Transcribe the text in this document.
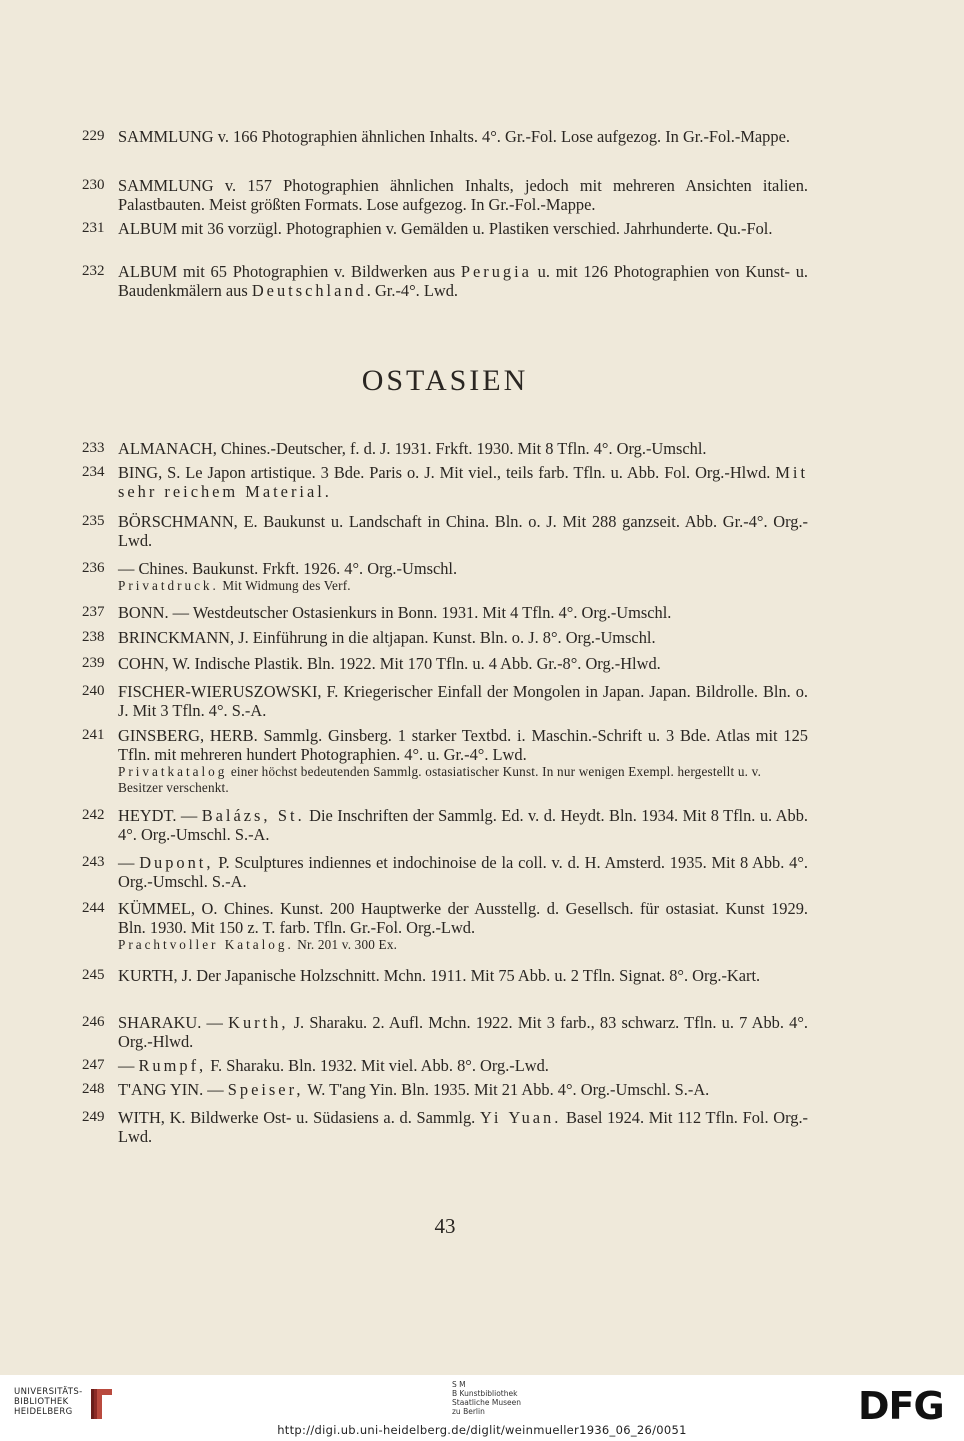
229 SAMMLUNG v. 166 Photographien ähnlichen Inhalts. 4°. Gr.-Fol. Lose aufgezog. In Gr.-Fol.-Mappe.
230 SAMMLUNG v. 157 Photographien ähnlichen Inhalts, jedoch mit mehreren Ansichten italien. Palastbauten. Meist größten Formats. Lose aufgezog. In Gr.-Fol.-Mappe.
231 ALBUM mit 36 vorzügl. Photographien v. Gemälden u. Plastiken verschied. Jahrhunderte. Qu.-Fol.
232 ALBUM mit 65 Photographien v. Bildwerken aus Perugia u. mit 126 Photographien von Kunst- u. Baudenkmälern aus Deutschland. Gr.-4°. Lwd.
OSTASIEN
233 ALMANACH, Chines.-Deutscher, f. d. J. 1931. Frkft. 1930. Mit 8 Tfln. 4°. Org.-Umschl.
234 BING, S. Le Japon artistique. 3 Bde. Paris o. J. Mit viel., teils farb. Tfln. u. Abb. Fol. Org.-Hlwd. Mit sehr reichem Material.
235 BÖRSCHMANN, E. Baukunst u. Landschaft in China. Bln. o. J. Mit 288 ganzseit. Abb. Gr.-4°. Org.-Lwd.
236 — Chines. Baukunst. Frkft. 1926. 4°. Org.-Umschl.
Privatdruck. Mit Widmung des Verf.
237 BONN. — Westdeutscher Ostasienkurs in Bonn. 1931. Mit 4 Tfln. 4°. Org.-Umschl.
238 BRINCKMANN, J. Einführung in die altjapan. Kunst. Bln. o. J. 8°. Org.-Umschl.
239 COHN, W. Indische Plastik. Bln. 1922. Mit 170 Tfln. u. 4 Abb. Gr.-8°. Org.-Hlwd.
240 FISCHER-WIERUSZOWSKI, F. Kriegerischer Einfall der Mongolen in Japan. Japan. Bildrolle. Bln. o. J. Mit 3 Tfln. 4°. S.-A.
241 GINSBERG, HERB. Sammlg. Ginsberg. 1 starker Textbd. i. Maschin.-Schrift u. 3 Bde. Atlas mit 125 Tfln. mit mehreren hundert Photographien. 4°. u. Gr.-4°. Lwd.
Privatkatalog einer höchst bedeutenden Sammlg. ostasiatischer Kunst. In nur wenigen Exempl. hergestellt u. v. Besitzer verschenkt.
242 HEYDT. — Balázs, St. Die Inschriften der Sammlg. Ed. v. d. Heydt. Bln. 1934. Mit 8 Tfln. u. Abb. 4°. Org.-Umschl. S.-A.
243 — Dupont, P. Sculptures indiennes et indochinoise de la coll. v. d. H. Amsterd. 1935. Mit 8 Abb. 4°. Org.-Umschl. S.-A.
244 KÜMMEL, O. Chines. Kunst. 200 Hauptwerke der Ausstellg. d. Gesellsch. für ostasiat. Kunst 1929. Bln. 1930. Mit 150 z. T. farb. Tfln. Gr.-Fol. Org.-Lwd.
Prachtvoller Katalog. Nr. 201 v. 300 Ex.
245 KURTH, J. Der Japanische Holzschnitt. Mchn. 1911. Mit 75 Abb. u. 2 Tfln. Signat. 8°. Org.-Kart.
246 SHARAKU. — Kurth, J. Sharaku. 2. Aufl. Mchn. 1922. Mit 3 farb., 83 schwarz. Tfln. u. 7 Abb. 4°. Org.-Hlwd.
247 — Rumpf, F. Sharaku. Bln. 1932. Mit viel. Abb. 8°. Org.-Lwd.
248 T'ANG YIN. — Speiser, W. T'ang Yin. Bln. 1935. Mit 21 Abb. 4°. Org.-Umschl. S.-A.
249 WITH, K. Bildwerke Ost- u. Südasiens a. d. Sammlg. Yi Yuan. Basel 1924. Mit 112 Tfln. Fol. Org.-Lwd.
43
UNIVERSITÄTS-
BIBLIOTHEK
HEIDELBERG
S M
B Kunstbibliothek
Staatliche Museen
zu Berlin	DFG
http://digi.ub.uni-heidelberg.de/diglit/weinmueller1936_06_26/0051
